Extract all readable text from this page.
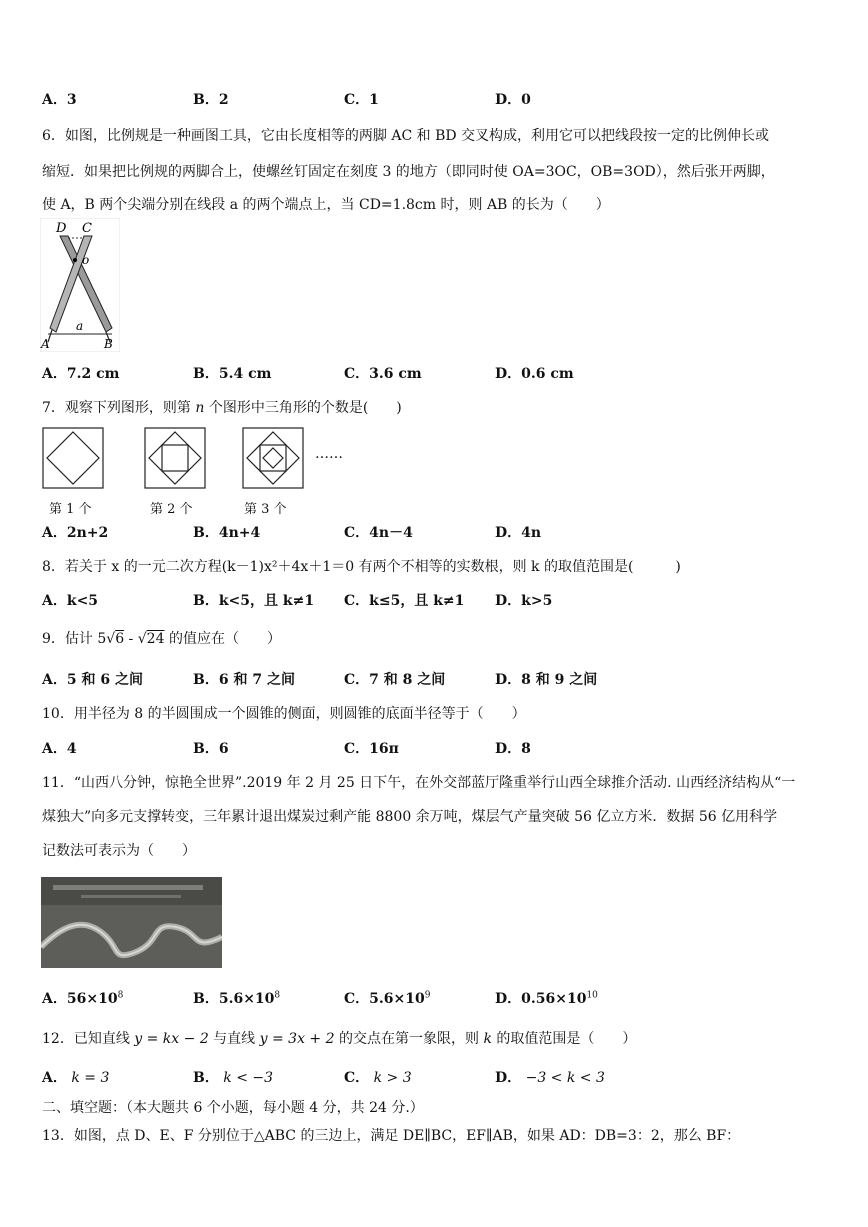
A．3	B．2	C．1	D．0
6．如图，比例规是一种画图工具，它由长度相等的两脚 AC 和 BD 交叉构成，利用它可以把线段按一定的比例伸长或
缩短．如果把比例规的两脚合上，使螺丝钉固定在刻度 3 的地方（即同时使 OA=3OC，OB=3OD），然后张开两脚，
使 A，B 两个尖端分别在线段 a 的两个端点上，当 CD=1.8cm 时，则 AB 的长为（　　）
D C
o
a
A	B
A．7.2 cm	B．5.4 cm	C．3.6 cm	D．0.6 cm
7．观察下列图形，则第 n 个图形中三角形的个数是(　　)
……
第 1 个	第 2 个	第 3 个
A．2n+2	B．4n+4	C．4n－4	D．4n
8．若关于 x 的一元二次方程(k－1)x²＋4x＋1＝0 有两个不相等的实数根，则 k 的取值范围是(　　　)
A．k<5	B．k<5，且 k≠1 C．k≤5，且 k≠1 D．k>5
9．估计 5√6 - √24 的值应在（　　）
A．5 和 6 之间	B．6 和 7 之间	C．7 和 8 之间	D．8 和 9 之间
10．用半径为 8 的半圆围成一个圆锥的侧面，则圆锥的底面半径等于（　　）
A．4	B．6	C．16π	D．8
11．“山西八分钟，惊艳全世界”.2019 年 2 月 25 日下午，在外交部蓝厅隆重举行山西全球推介活动. 山西经济结构从“一
煤独大”向多元支撑转变，三年累计退出煤炭过剩产能 8800 余万吨，煤层气产量突破 56 亿立方米．数据 56 亿用科学
记数法可表示为（　　）
A．$56\times 10^8$	B．$5.6\times 10^8$	C．$5.6\times 10^9$	D．$0.56\times 10^{10}$
12．已知直线 y = kx − 2 与直线 y = 3x + 2 的交点在第一象限，则 k 的取值范围是（　　）
A． k = 3	B． k < −3	C． k > 3	D． −3 < k < 3
二、填空题：（本大题共 6 个小题，每小题 4 分，共 24 分.）
13．如图，点 D、E、F 分别位于△ABC 的三边上，满足 DE∥BC，EF∥AB，如果 AD：DB=3：2，那么 BF：
